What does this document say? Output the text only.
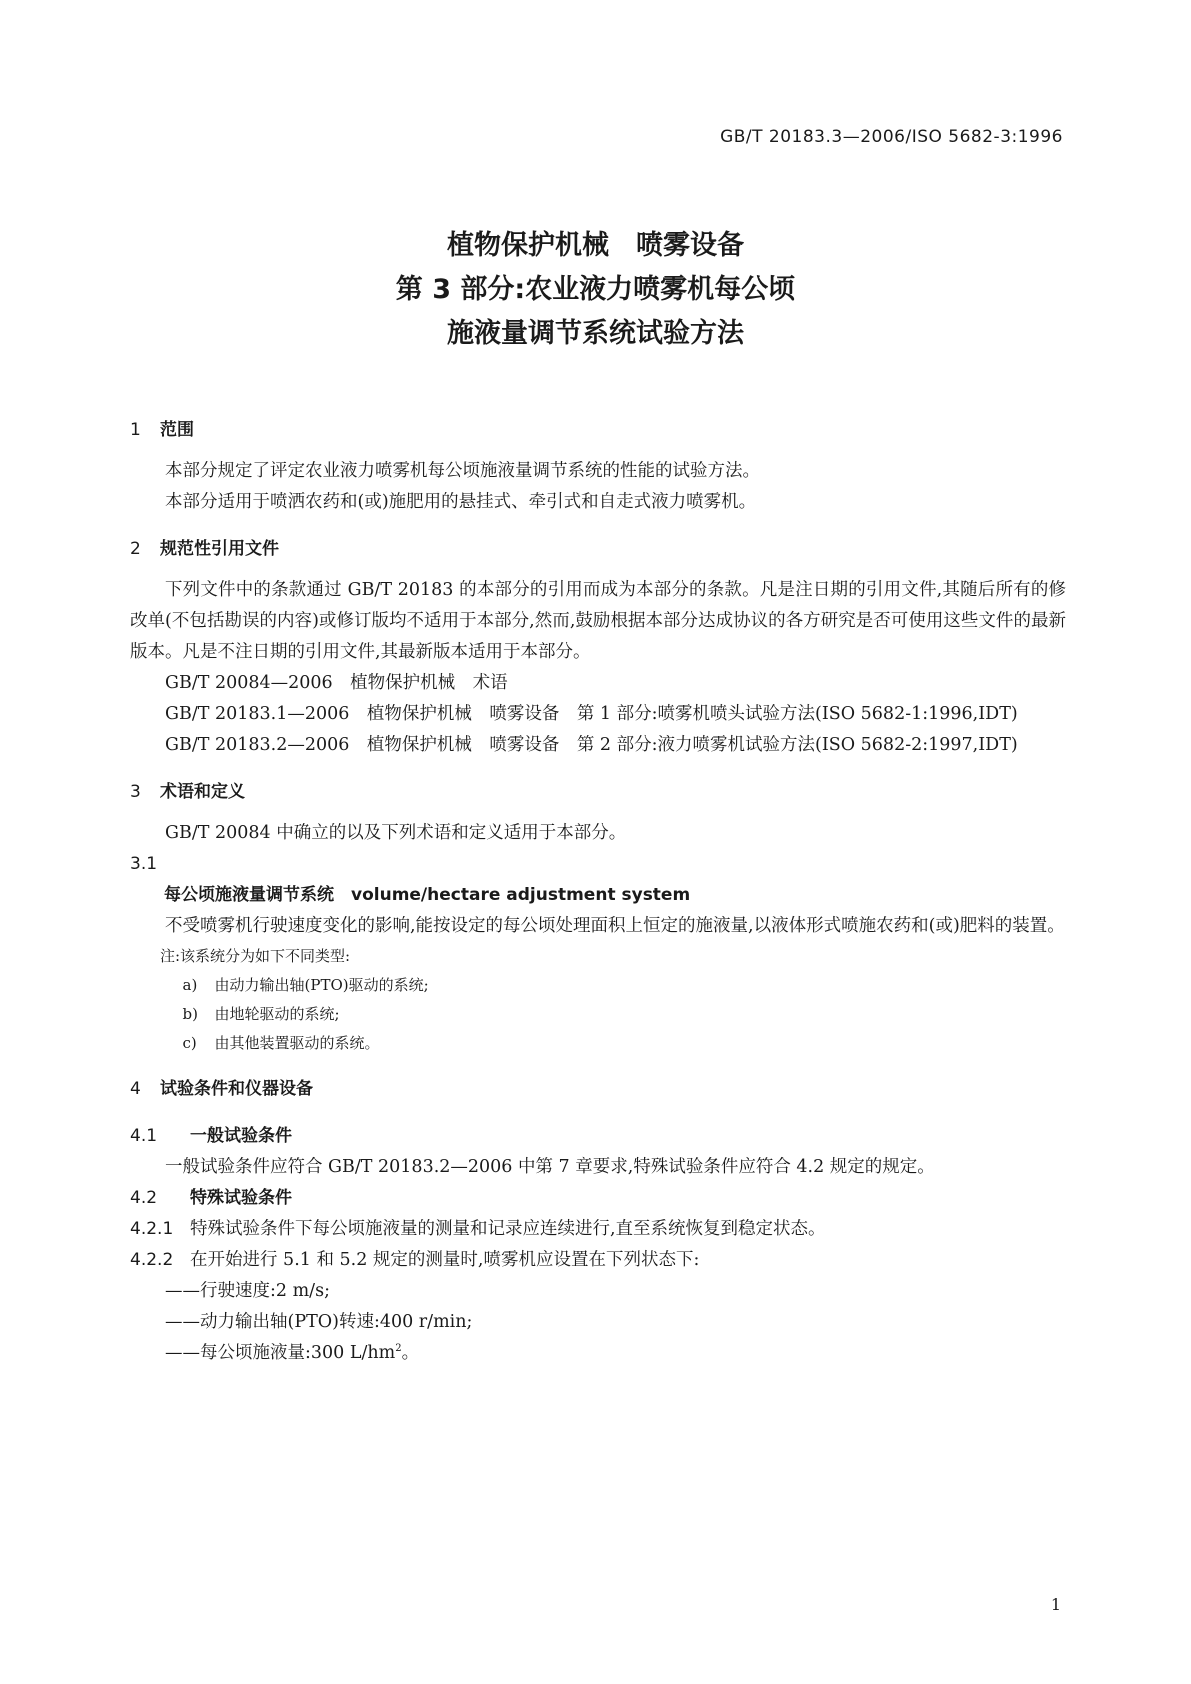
GB/T 20183.3—2006/ISO 5682-3:1996
植物保护机械　喷雾设备
第 3 部分:农业液力喷雾机每公顷
施液量调节系统试验方法

1 范围

本部分规定了评定农业液力喷雾机每公顷施液量调节系统的性能的试验方法。

本部分适用于喷洒农药和(或)施肥用的悬挂式、牵引式和自走式液力喷雾机。

2 规范性引用文件

下列文件中的条款通过 GB/T 20183 的本部分的引用而成为本部分的条款。凡是注日期的引用文件,其随后所有的修改单(不包括勘误的内容)或修订版均不适用于本部分,然而,鼓励根据本部分达成协议的各方研究是否可使用这些文件的最新版本。凡是不注日期的引用文件,其最新版本适用于本部分。

GB/T 20084—2006　植物保护机械　术语

GB/T 20183.1—2006　植物保护机械　喷雾设备　第 1 部分:喷雾机喷头试验方法(ISO 5682-1:1996,IDT)

GB/T 20183.2—2006　植物保护机械　喷雾设备　第 2 部分:液力喷雾机试验方法(ISO 5682-2:1997,IDT)

3 术语和定义

GB/T 20084 中确立的以及下列术语和定义适用于本部分。

3.1

每公顷施液量调节系统　volume/hectare adjustment system

不受喷雾机行驶速度变化的影响,能按设定的每公顷处理面积上恒定的施液量,以液体形式喷施农药和(或)肥料的装置。

注:该系统分为如下不同类型:

a) 由动力输出轴(PTO)驱动的系统;

b) 由地轮驱动的系统;

c) 由其他装置驱动的系统。

4 试验条件和仪器设备

4.1 一般试验条件

一般试验条件应符合 GB/T 20183.2—2006 中第 7 章要求,特殊试验条件应符合 4.2 规定的规定。

4.2 特殊试验条件

4.2.1 特殊试验条件下每公顷施液量的测量和记录应连续进行,直至系统恢复到稳定状态。

4.2.2 在开始进行 5.1 和 5.2 规定的测量时,喷雾机应设置在下列状态下:

——行驶速度:2 m/s;

——动力输出轴(PTO)转速:400 r/min;

——每公顷施液量:300 $L/hm^2$。

1
